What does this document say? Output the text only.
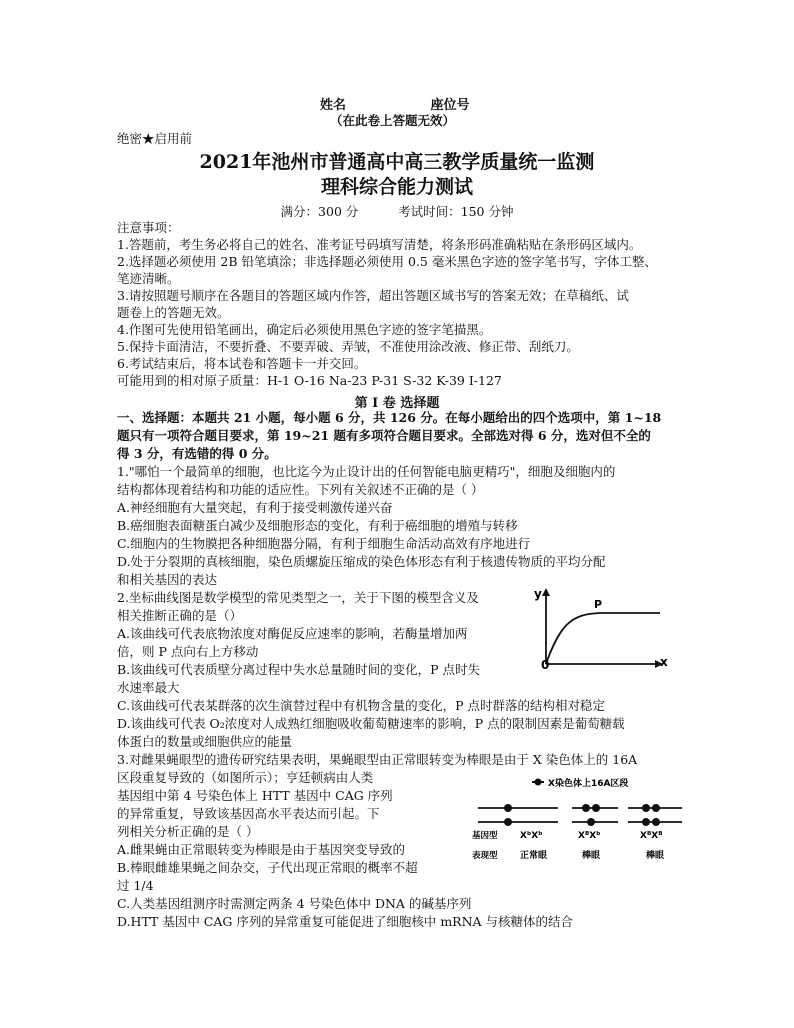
姓名	座位号
（在此卷上答题无效）
绝密★启用前
2021年池州市普通高中高三教学质量统一监测
理科综合能力测试
满分：300 分          考试时间：150 分钟
注意事项：
1.答题前，考生务必将自己的姓名、准考证号码填写清楚，将条形码准确粘贴在条形码区域内。
2.选择题必须使用 2B 铅笔填涂；非选择题必须使用 0.5 毫米黑色字迹的签字笔书写，字体工整、
笔迹清晰。
3.请按照题号顺序在各题目的答题区域内作答，超出答题区域书写的答案无效；在草稿纸、试
题卷上的答题无效。
4.作图可先使用铅笔画出，确定后必须使用黑色字迹的签字笔描黑。
5.保持卡面清洁，不要折叠、不要弄破、弄皱，不准使用涂改液、修正带、刮纸刀。
6.考试结束后，将本试卷和答题卡一并交回。
可能用到的相对原子质量：H-1 O-16 Na-23 P-31 S-32 K-39 I-127
第 I 卷 选择题
一、选择题：本题共 21 小题，每小题 6 分，共 126 分。在每小题给出的四个选项中，第 1~18
题只有一项符合题目要求，第 19~21 题有多项符合题目要求。全部选对得 6 分，选对但不全的
得 3 分，有选错的得 0 分。
1."哪怕一个最简单的细胞，也比迄今为止设计出的任何智能电脑更精巧"，细胞及细胞内的
结构都体现着结构和功能的适应性。下列有关叙述不正确的是（ ）
A.神经细胞有大量突起，有利于接受刺激传递兴奋
B.癌细胞表面糖蛋白减少及细胞形态的变化，有利于癌细胞的增殖与转移
C.细胞内的生物膜把各种细胞器分隔，有利于细胞生命活动高效有序地进行
D.处于分裂期的真核细胞，染色质螺旋压缩成的染色体形态有利于核遗传物质的平均分配
和相关基因的表达
2.坐标曲线图是数学模型的常见类型之一，关于下图的模型含义及
相关推断正确的是（）
A.该曲线可代表底物浓度对酶促反应速率的影响，若酶量增加两
倍，则 P 点向右上方移动
B.该曲线可代表质壁分离过程中失水总量随时间的变化，P 点时失
水速率最大
C.该曲线可代表某群落的次生演替过程中有机物含量的变化，P 点时群落的结构相对稳定
D.该曲线可代表 O₂浓度对人成熟红细胞吸收葡萄糖速率的影响，P 点的限制因素是葡萄糖载
体蛋白的数量或细胞供应的能量
y
x
0
P
3.对雌果蝇眼型的遗传研究结果表明，果蝇眼型由正常眼转变为棒眼是由于 X 染色体上的 16A
区段重复导致的（如图所示）；亨廷顿病由人类
基因组中第 4 号染色体上 HTT 基因中 CAG 序列
的异常重复，导致该基因高水平表达而引起。下
列相关分析正确的是（ ）
A.雌果蝇由正常眼转变为棒眼是由于基因突变导致的
B.棒眼雌雄果蝇之间杂交，子代出现正常眼的概率不超
过 1/4
C.人类基因组测序时需测定两条 4 号染色体中 DNA 的碱基序列
D.HTT 基因中 CAG 序列的异常重复可能促进了细胞核中 mRNA 与核糖体的结合
X染色体上16A区段
基因型 XᵇXᵇ	XᴮXᵇ	XᴮXᴮ
表现型 正常眼	棒眼	棒眼
